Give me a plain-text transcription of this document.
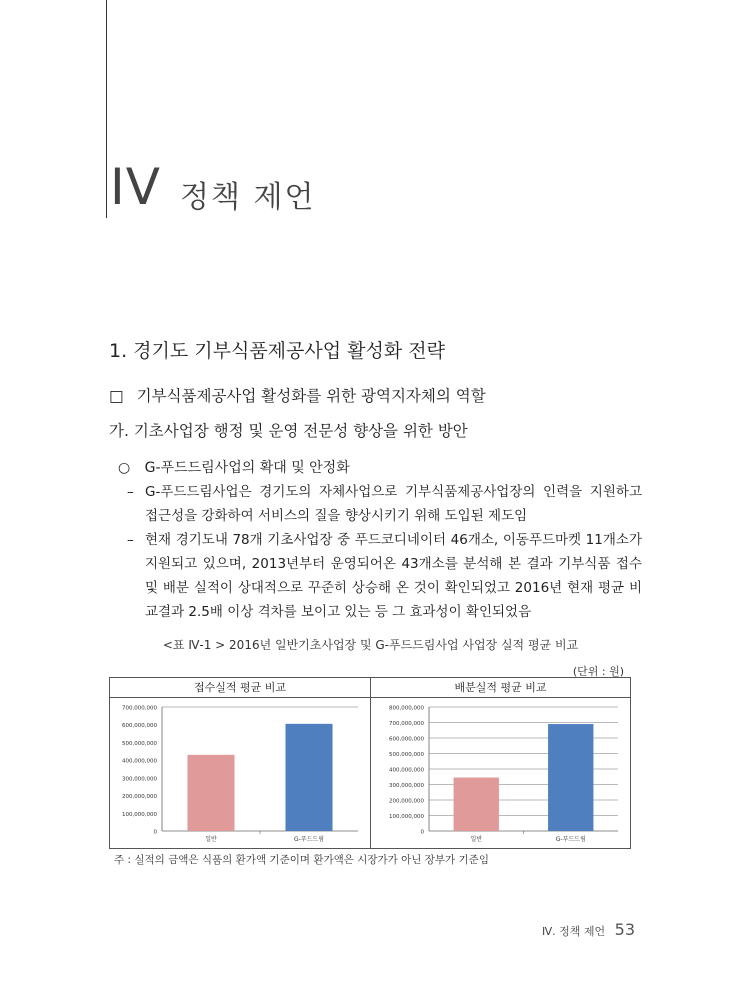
IV 정책 제언
1. 경기도 기부식품제공사업 활성화 전략
□ 기부식품제공사업 활성화를 위한 광역지자체의 역할
가. 기초사업장 행정 및 운영 전문성 향상을 위한 방안
○ G-푸드드림사업의 확대 및 안정화
– G-푸드드림사업은 경기도의 자체사업으로 기부식품제공사업장의 인력을 지원하고 접근성을 강화하여 서비스의 질을 향상시키기 위해 도입된 제도임
– 현재 경기도내 78개 기초사업장 중 푸드코디네이터 46개소, 이동푸드마켓 11개소가 지원되고 있으며, 2013년부터 운영되어온 43개소를 분석해 본 결과 기부식품 접수 및 배분 실적이 상대적으로 꾸준히 상승해 온 것이 확인되었고 2016년 현재 평균 비교결과 2.5배 이상 격차를 보이고 있는 등 그 효과성이 확인되었음
<표 Ⅳ-1 > 2016년 일반기초사업장 및 G-푸드드림사업 사업장 실적 평균 비교
(단위 : 원)
접수실적 평균 비교	배분실적 평균 비교
0
100,000,000
200,000,000
300,000,000
400,000,000
500,000,000
600,000,000
700,000,000
일반	G-푸드드림
0
100,000,000
200,000,000
300,000,000
400,000,000
500,000,000
600,000,000
700,000,000
800,000,000
일반	G-푸드드림
주 : 실적의 금액은 식품의 환가액 기준이며 환가액은 시장가가 아닌 장부가 기준임
Ⅳ. 정책 제언 53
